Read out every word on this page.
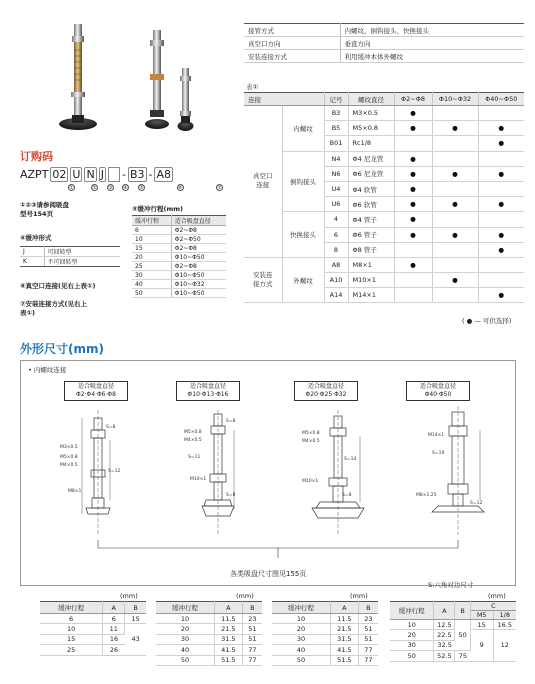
订购码
AZPT 02 U N J - B3 - A8
①	② ③ ④ ⑤	⑥	⑦
①②③请参阅吸盘
型号154页
④缓冲形式
J	可回转型
K	不可回转型
⑥真空口连接(见右上表①)
⑦安装连接方式(见右上
表①)
⑤缓冲行程(mm)
缓冲行程	适合吸盘直径
6	Φ2~Φ8
10	Φ2~Φ50
15	Φ2~Φ8
20	Φ10~Φ50
25	Φ2~Φ8
30	Φ10~Φ50
40	Φ10~Φ32
50	Φ10~Φ50
接管方式	内螺纹、倒钩接头、快换接头
真空口方向	垂直方向
安装连接方式	利用缓冲本体外螺纹
表①
连接		记号	螺纹直径	Φ2~Φ8	Φ10~Φ32	Φ40~Φ50
真空口连接	内螺纹	B3	M3×0.5	●		
		B5	M5×0.8	●	●	●
		B01	Rc1/8			●
	倒钩接头	N4	Φ4 尼龙管	●		
		N6	Φ6 尼龙管	●	●	●
		U4	Φ4 软管	●		
		U6	Φ6 软管	●	●	●
	快换接头	4	Φ4 管子	●		
		6	Φ6 管子	●	●	●
		8	Φ8 管子			●
安装连接方式	外螺纹	A8	M8×1	●		
		A10	M10×1		●	
		A14	M14×1			●
( ● — 可供选择)
外形尺寸(mm)
• 内螺纹连接
适合吸盘直径
Φ2·Φ4·Φ6·Φ8
适合吸盘直径
Φ10·Φ13·Φ16
适合吸盘直径
Φ20·Φ25·Φ32
适合吸盘直径
Φ40·Φ50
M3×0.5
M5×0.8
M4×0.5
S=8
S=12
M8×1
M5×0.8
M4×0.5
S=8
S=11
M10×1
S=8
M5×0.8
M4×0.5
S=14
M10×1
S=8
M14×1
S=19
M8×1.25
S=12
各类吸盘尺寸图见155页
S:六角对边尺寸
(mm)	(mm)	(mm)	(mm)
缓冲行程	A	B
6	6	15
10	11	43
15	16	
25	26	
缓冲行程	A	B
10	11.5	23
20	21.5	51
30	31.5	51
40	41.5	77
50	51.5	77
缓冲行程	A	B
10	11.5	23
20	21.5	51
30	31.5	51
40	41.5	77
50	51.5	77
缓冲行程	A	B	C	
			M5	1/8
10	12.5	50	15	16.5
20	22.5		9	12
30	32.5			
50	52.5	75		
